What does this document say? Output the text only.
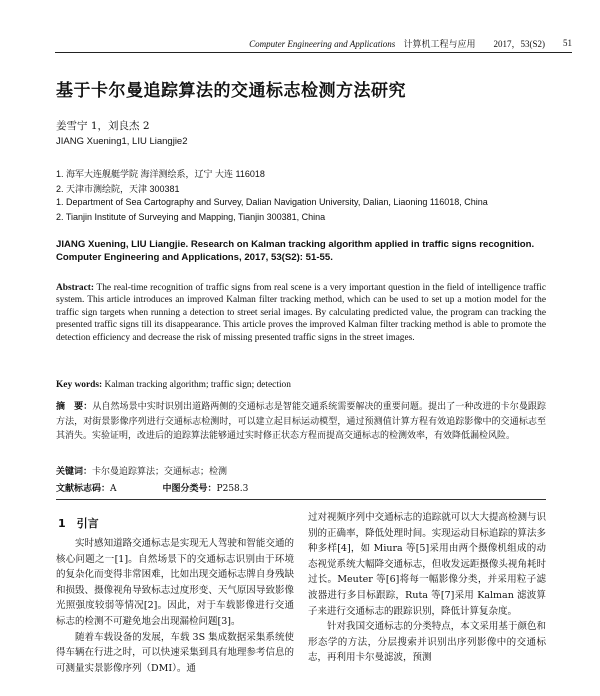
Computer Engineering and Applications 计算机工程与应用 2017，53(S2) 51
基于卡尔曼追踪算法的交通标志检测方法研究
姜雪宁 1，刘良杰 2
JIANG Xuening1, LIU Liangjie2
1. 海军大连舰艇学院 海洋测绘系，辽宁 大连 116018
2. 天津市测绘院，天津 300381
1. Department of Sea Cartography and Survey, Dalian Navigation University, Dalian, Liaoning 116018, China
2. Tianjin Institute of Surveying and Mapping, Tianjin 300381, China
JIANG Xuening, LIU Liangjie. Research on Kalman tracking algorithm applied in traffic signs recognition. Computer Engineering and Applications, 2017, 53(S2): 51-55.
Abstract: The real-time recognition of traffic signs from real scene is a very important question in the field of intelligence traffic system. This article introduces an improved Kalman filter tracking method, which can be used to set up a motion model for the traffic sign targets when running a detection to street serial images. By calculating predicted value, the program can tracking the presented traffic signs till its disappearance. This article proves the improved Kalman filter tracking method is able to promote the detection efficiency and decrease the risk of missing presented traffic signs in the street images.
Key words: Kalman tracking algorithm; traffic sign; detection
摘　要：从自然场景中实时识别出道路两侧的交通标志是智能交通系统需要解决的重要问题。提出了一种改进的卡尔曼跟踪方法，对街景影像序列进行交通标志检测时，可以建立起目标运动模型，通过预测值计算方程有效追踪影像中的交通标志至其消失。实验证明，改进后的追踪算法能够通过实时修正状态方程而提高交通标志的检测效率，有效降低漏检风险。
关键词：卡尔曼追踪算法；交通标志；检测
文献标志码：A	中图分类号：P258.3
1　引言

实时感知道路交通标志是实现无人驾驶和智能交通的核心问题之一[1]。自然场景下的交通标志识别由于环境的复杂化而变得非常困难，比如出现交通标志牌自身残缺和损毁、摄像视角导致标志过度形变、天气原因导致影像光照强度较弱等情况[2]。因此，对于车载影像进行交通标志的检测不可避免地会出现漏检问题[3]。

随着车载设备的发展，车载 3S 集成数据采集系统使得车辆在行进之时，可以快速采集到具有地理参考信息的可测量实景影像序列（DMI）。通

过对视频序列中交通标志的追踪就可以大大提高检测与识别的正确率，降低处理时间。实现运动目标追踪的算法多种多样[4]，如 Miura 等[5]采用由两个摄像机组成的动态视觉系统大幅降交通标志，但收发远距摄像头视角耗时过长。Meuter 等[6]将每一幅影像分类，并采用粒子滤波器进行多目标跟踪，Ruta 等[7]采用 Kalman 滤波算子来进行交通标志的跟踪识别，降低计算复杂度。

针对我国交通标志的分类特点，本文采用基于颜色和形态学的方法，分层搜索并识别出序列影像中的交通标志，再利用卡尔曼滤波，预测
